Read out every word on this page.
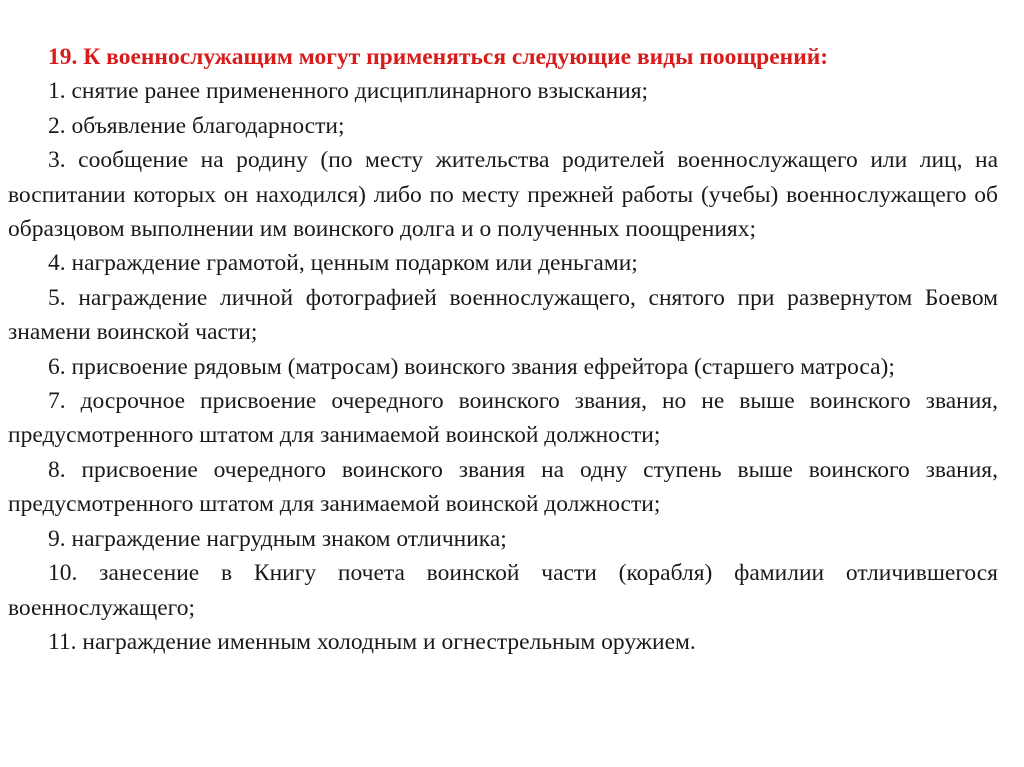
19. К военнослужащим могут применяться следующие виды поощрений:

1. снятие ранее примененного дисциплинарного взыскания;

2. объявление благодарности;

3. сообщение на родину (по месту жительства родителей военнослужащего или лиц, на воспитании которых он находился) либо по месту прежней работы (учебы) военнослужащего об образцовом выполнении им воинского долга и о полученных поощрениях;

4. награждение грамотой, ценным подарком или деньгами;

5. награждение личной фотографией военнослужащего, снятого при развернутом Боевом знамени воинской части;

6. присвоение рядовым (матросам) воинского звания ефрейтора (старшего матроса);

7. досрочное присвоение очередного воинского звания, но не выше воинского звания, предусмотренного штатом для занимаемой воинской должности;

8. присвоение очередного воинского звания на одну ступень выше воинского звания, предусмотренного штатом для занимаемой воинской должности;

9. награждение нагрудным знаком отличника;

10. занесение в Книгу почета воинской части (корабля) фамилии отличившегося военнослужащего;

11. награждение именным холодным и огнестрельным оружием.
